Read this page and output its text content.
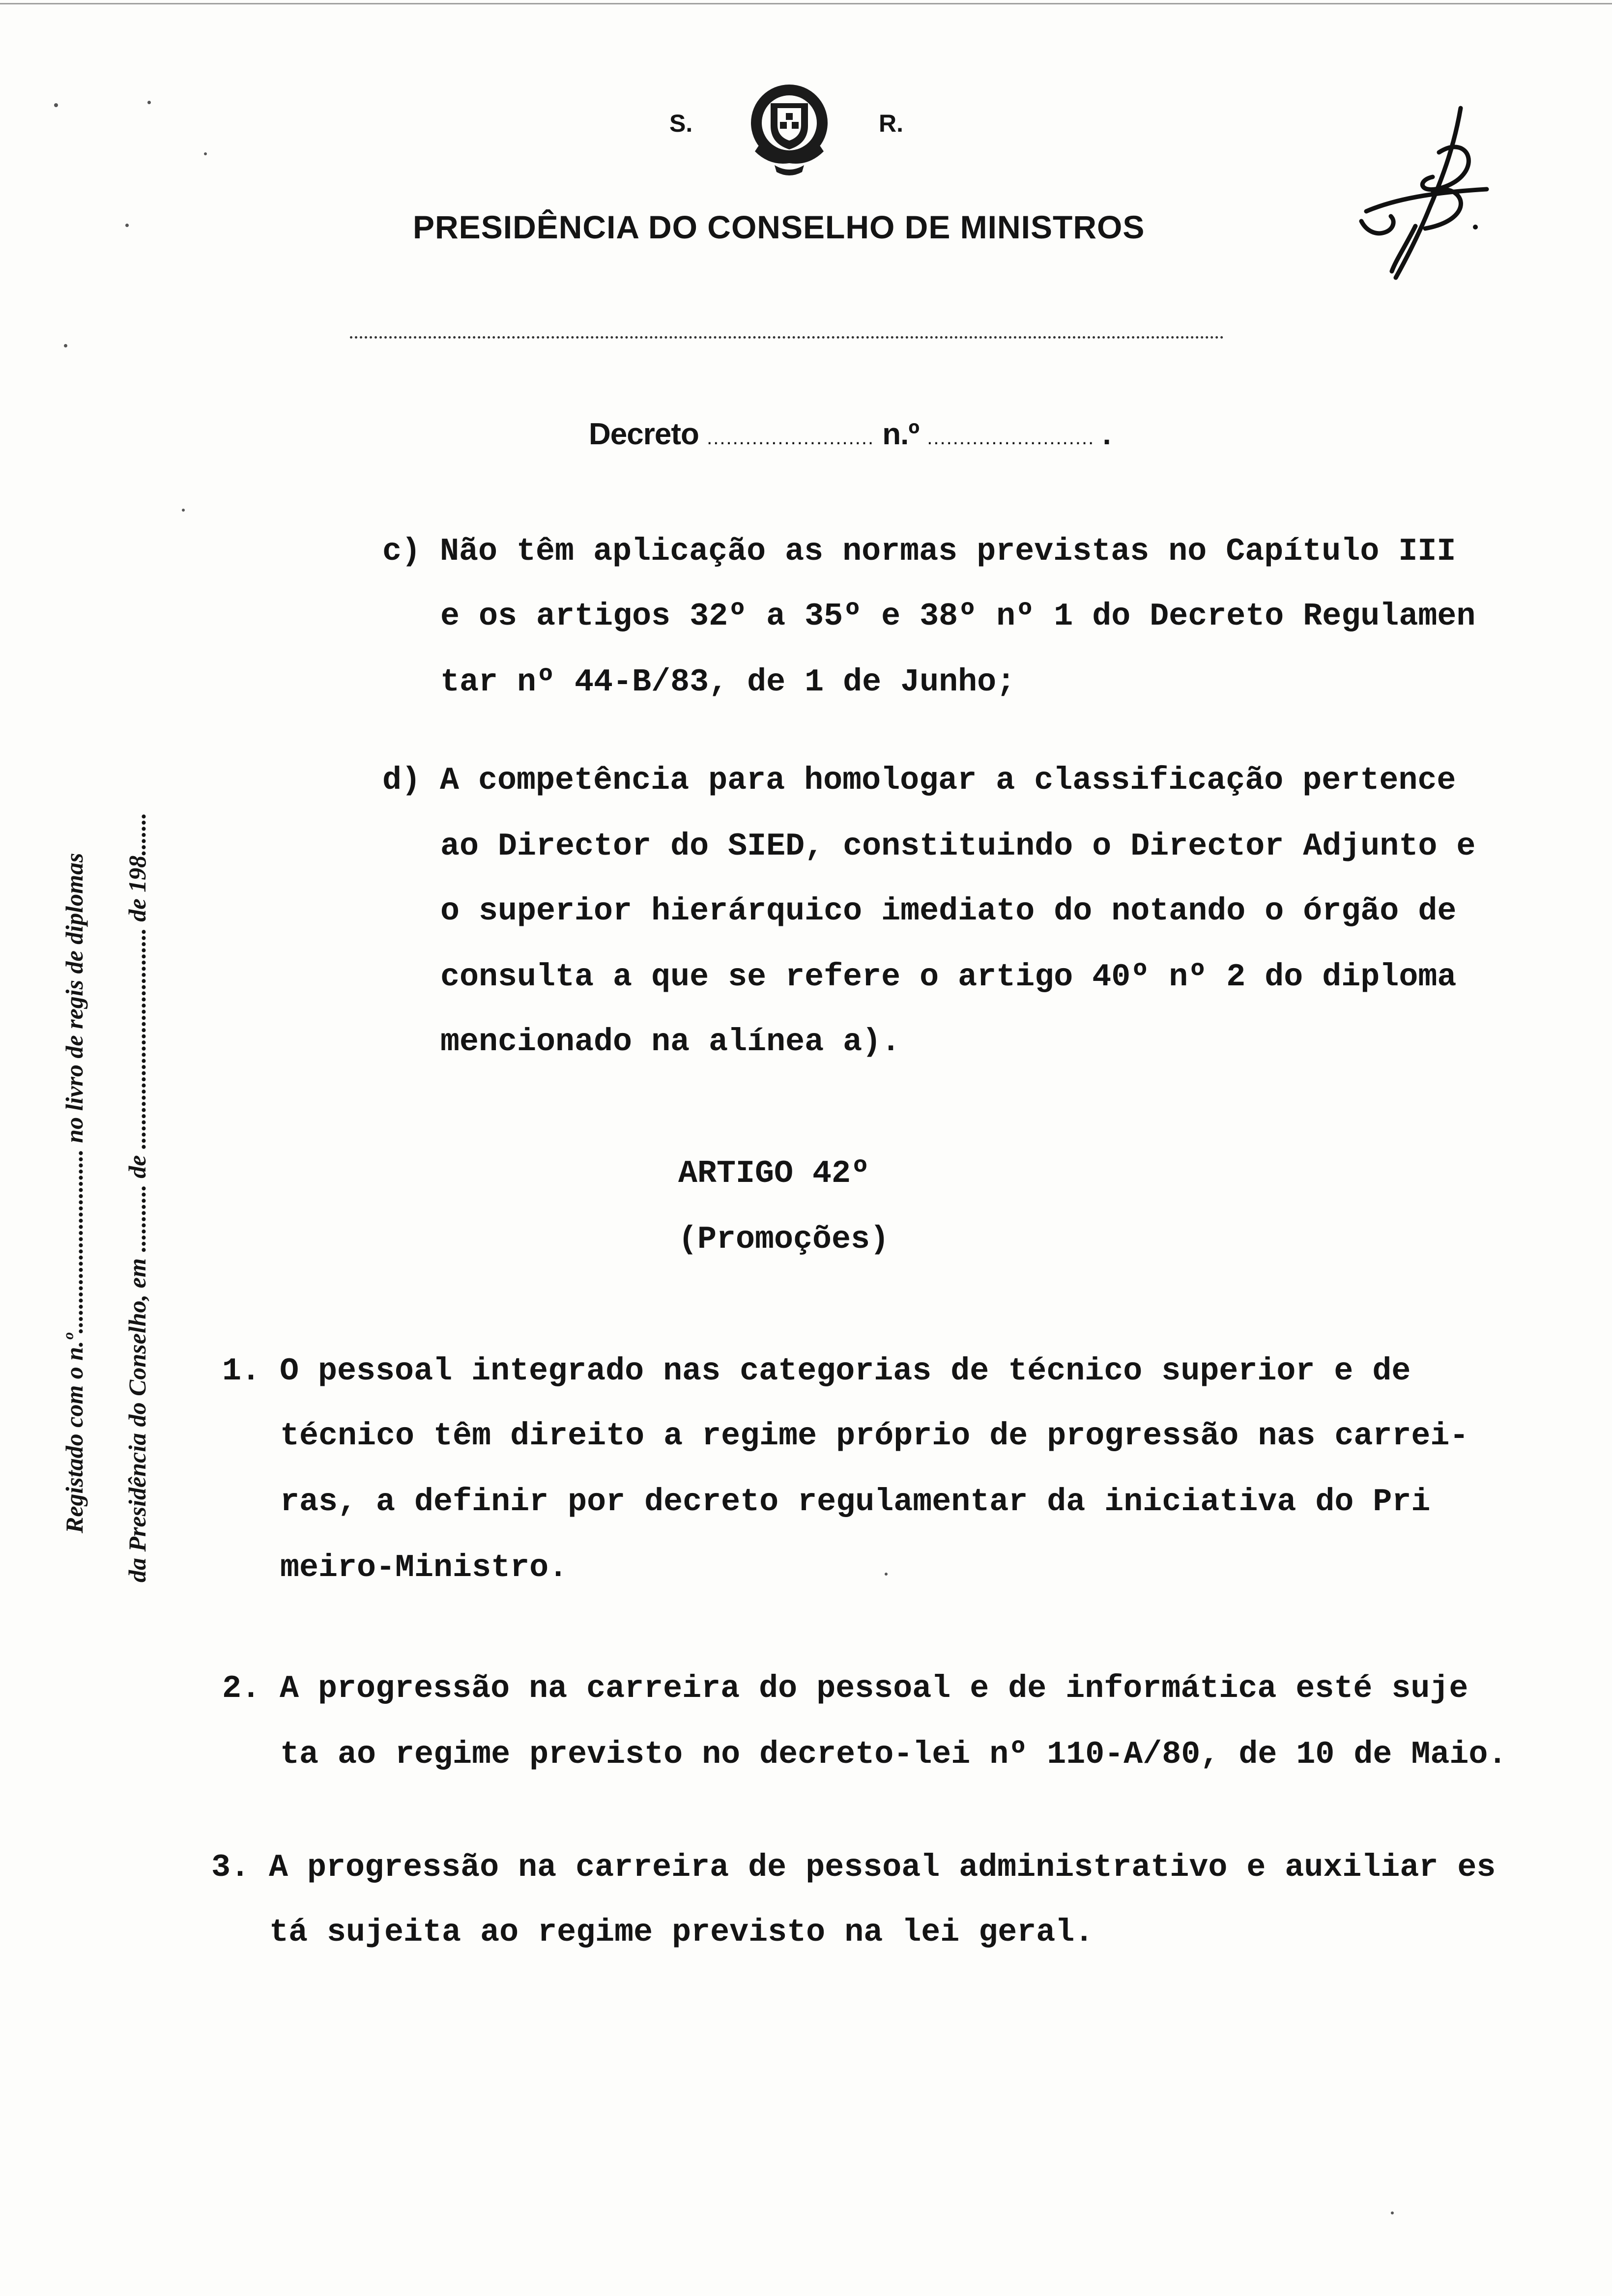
S.	R.
PRESIDÊNCIA DO CONSELHO DE MINISTROS
Decreto .......................... n.º .......................... .
Registado com o n.º.............................. no livro de regis de diplomas
da Presidência do Conselho, em ........... de .................................... de 198.......
c) Não têm aplicação as normas previstas no Capítulo III
e os artigos 32º a 35º e 38º nº 1 do Decreto Regulamen
tar nº 44-B/83, de 1 de Junho;
d) A competência para homologar a classificação pertence
ao Director do SIED, constituindo o Director Adjunto e
o superior hierárquico imediato do notando o órgão de
consulta a que se refere o artigo 40º nº 2 do diploma
mencionado na alínea a).
ARTIGO 42º
(Promoções)
1. O pessoal integrado nas categorias de técnico superior e de
técnico têm direito a regime próprio de progressão nas carrei-
ras, a definir por decreto regulamentar da iniciativa do Pri
meiro-Ministro.
2. A progressão na carreira do pessoal e de informática esté suje
ta ao regime previsto no decreto-lei nº 110-A/80, de 10 de Maio.
3. A progressão na carreira de pessoal administrativo e auxiliar es
tá sujeita ao regime previsto na lei geral.
